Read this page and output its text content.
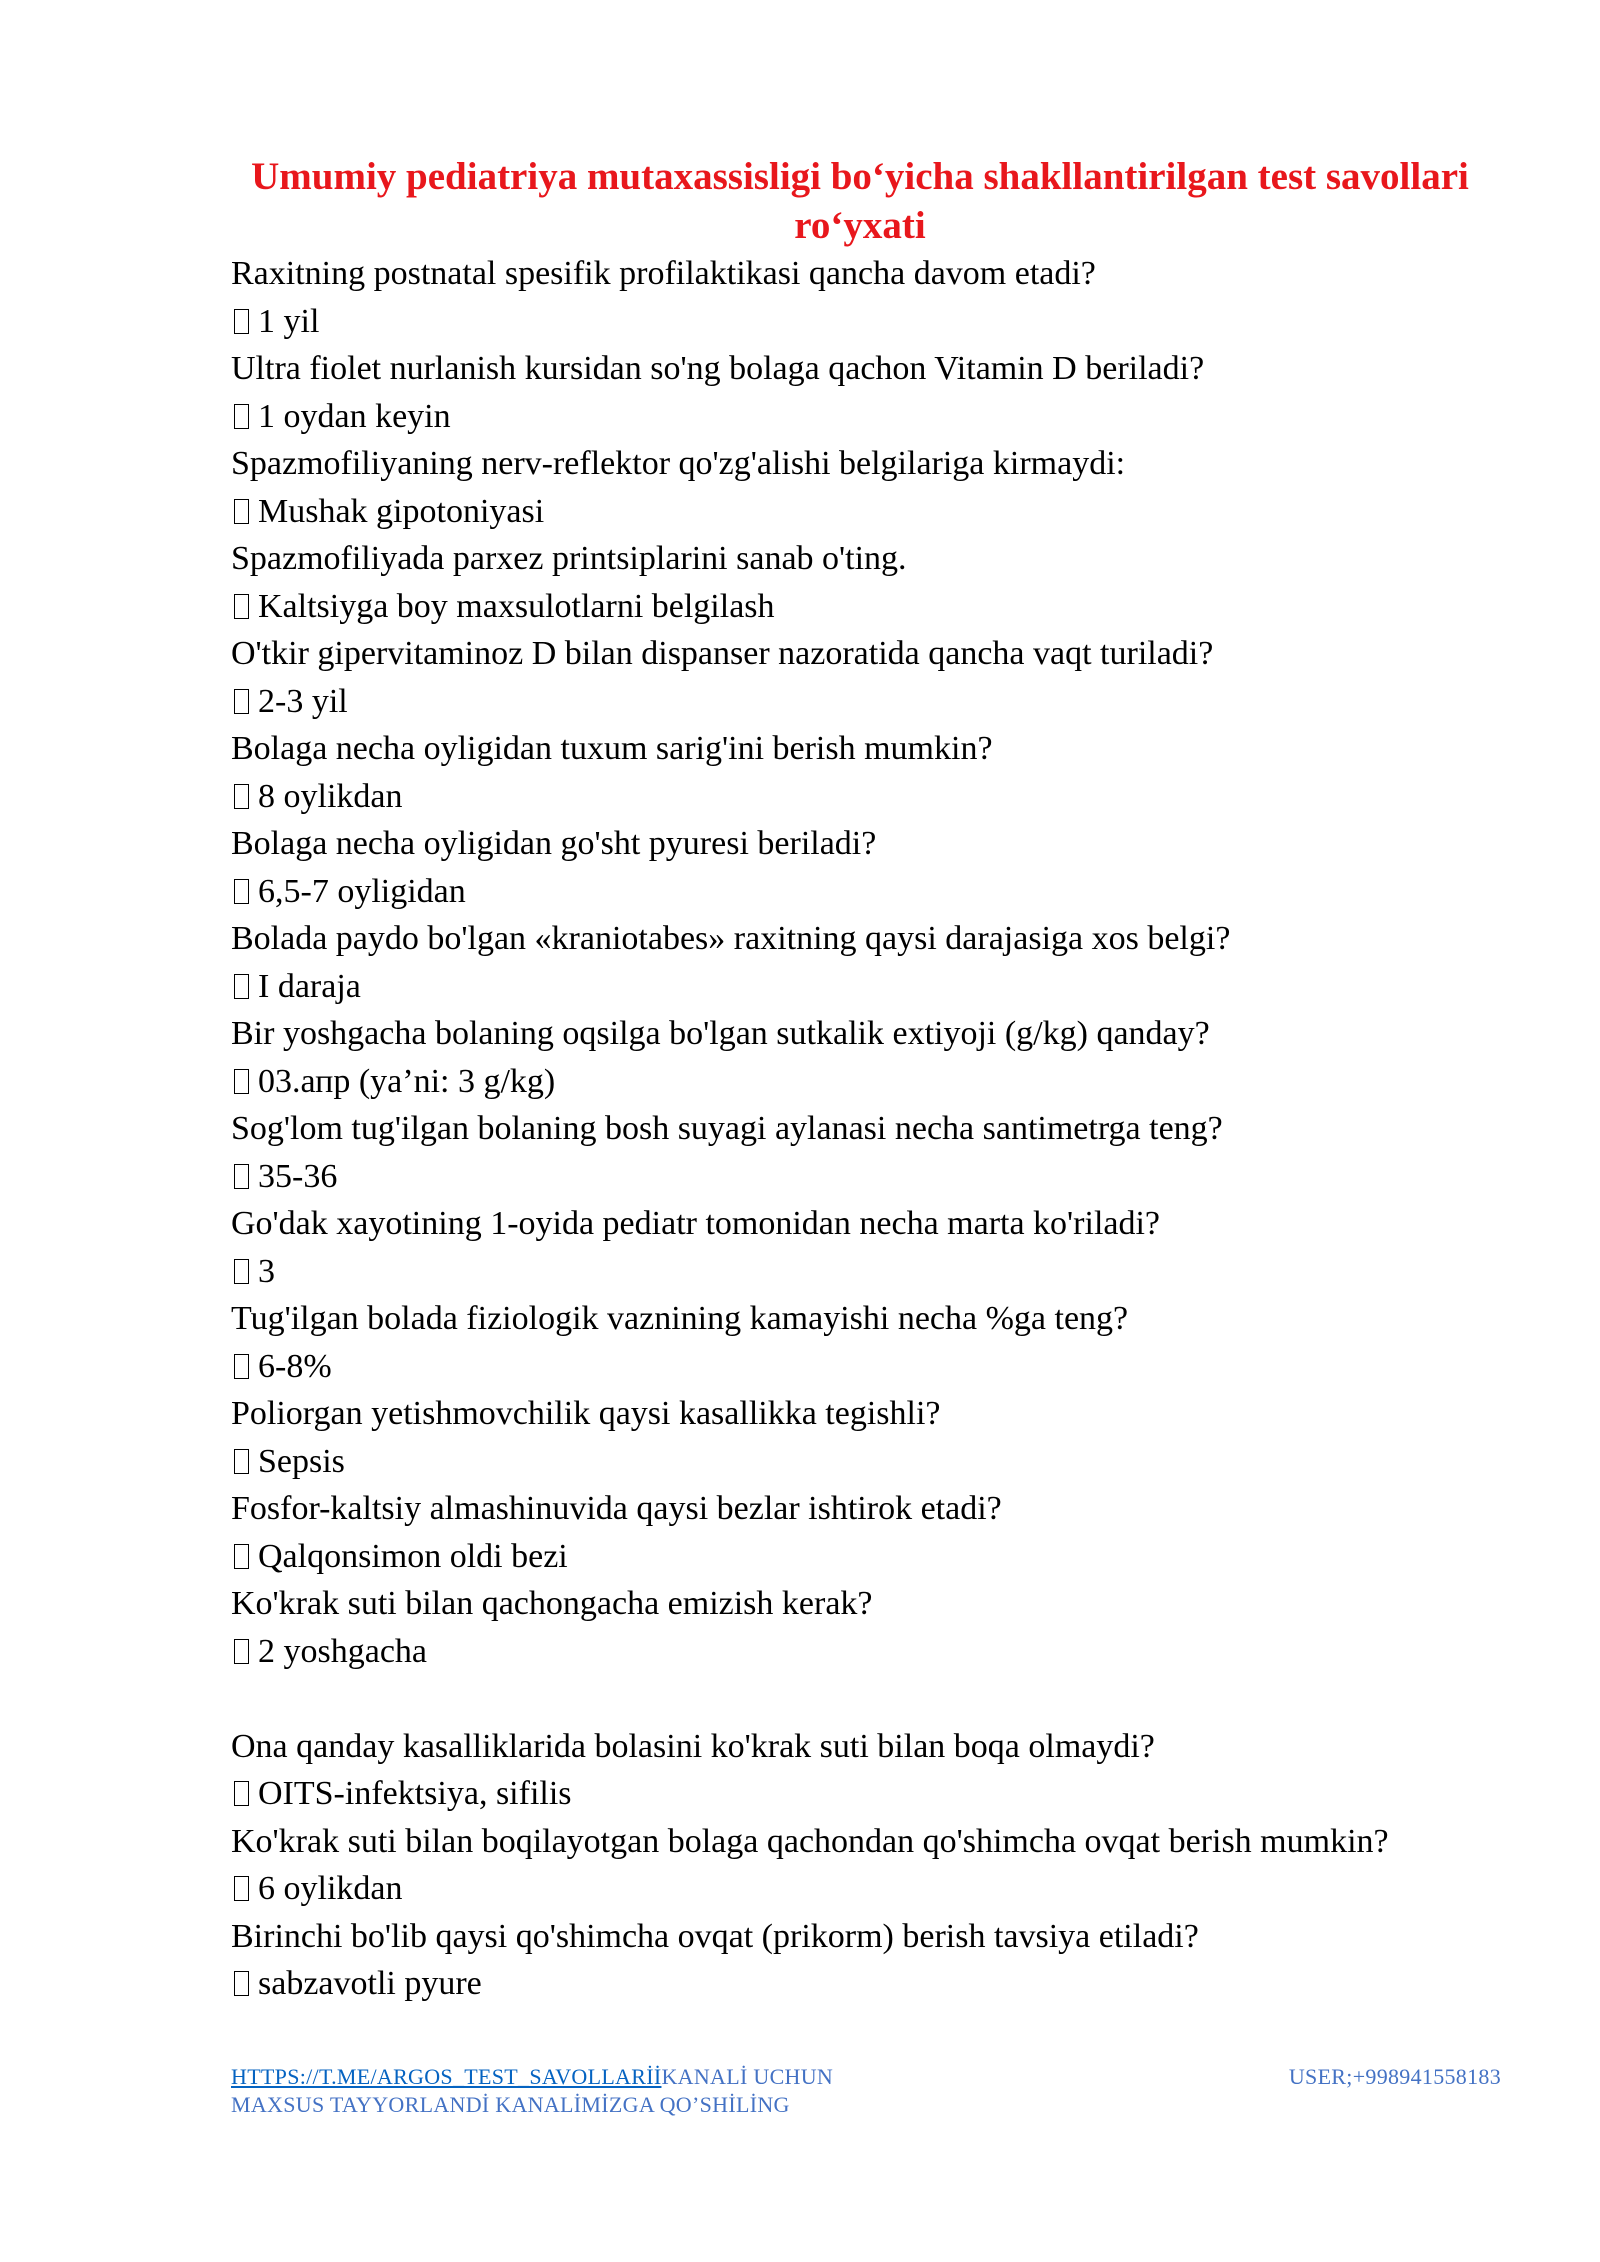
Umumiy pediatriya mutaxassisligi bo‘yicha shakllantirilgan test savollari ro‘yxati
Raxitning postnatal spesifik profilaktikasi qancha davom etadi?
1 yil
Ultra fiolet nurlanish kursidan so'ng bolaga qachon Vitamin D beriladi?
1 oydan keyin
Spazmofiliyaning nerv-reflektor qo'zg'alishi belgilariga kirmaydi:
Mushak gipotoniyasi
Spazmofiliyada parxez printsiplarini sanab o'ting.
Kaltsiyga boy maxsulotlarni belgilash
O'tkir gipervitaminoz D bilan dispanser nazoratida qancha vaqt turiladi?
2-3 yil
Bolaga necha oyligidan tuxum sarig'ini berish mumkin?
8 oylikdan
Bolaga necha oyligidan go'sht pyuresi beriladi?
6,5-7 oyligidan
Bolada paydo bo'lgan «kraniotabes» raxitning qaysi darajasiga xos belgi?
I daraja
Bir yoshgacha bolaning oqsilga bo'lgan sutkalik extiyoji (g/kg) qanday?
03.апр (ya’ni: 3 g/kg)
Sog'lom tug'ilgan bolaning bosh suyagi aylanasi necha santimetrga teng?
35-36
Go'dak xayotining 1-oyida pediatr tomonidan necha marta ko'riladi?
3
Tug'ilgan bolada fiziologik vaznining kamayishi necha %ga teng?
6-8%
Poliorgan yetishmovchilik qaysi kasallikka tegishli?
Sepsis
Fosfor-kaltsiy almashinuvida qaysi bezlar ishtirok etadi?
Qalqonsimon oldi bezi
Ko'krak suti bilan qachongacha emizish kerak?
2 yoshgacha
Ona qanday kasalliklarida bolasini ko'krak suti bilan boqa olmaydi?
OITS-infektsiya, sifilis
Ko'krak suti bilan boqilayotgan bolaga qachondan qo'shimcha ovqat berish mumkin?
6 oylikdan
Birinchi bo'lib qaysi qo'shimcha ovqat (prikorm) berish tavsiya etiladi?
sabzavotli pyure
HTTPS://T.ME/ARGOS_TEST_SAVOLLARİİKANALİ UCHUN MAXSUS TAYYORLANDİ KANALİMİZGA QO’SHİLİNG
USER;+998941558183
